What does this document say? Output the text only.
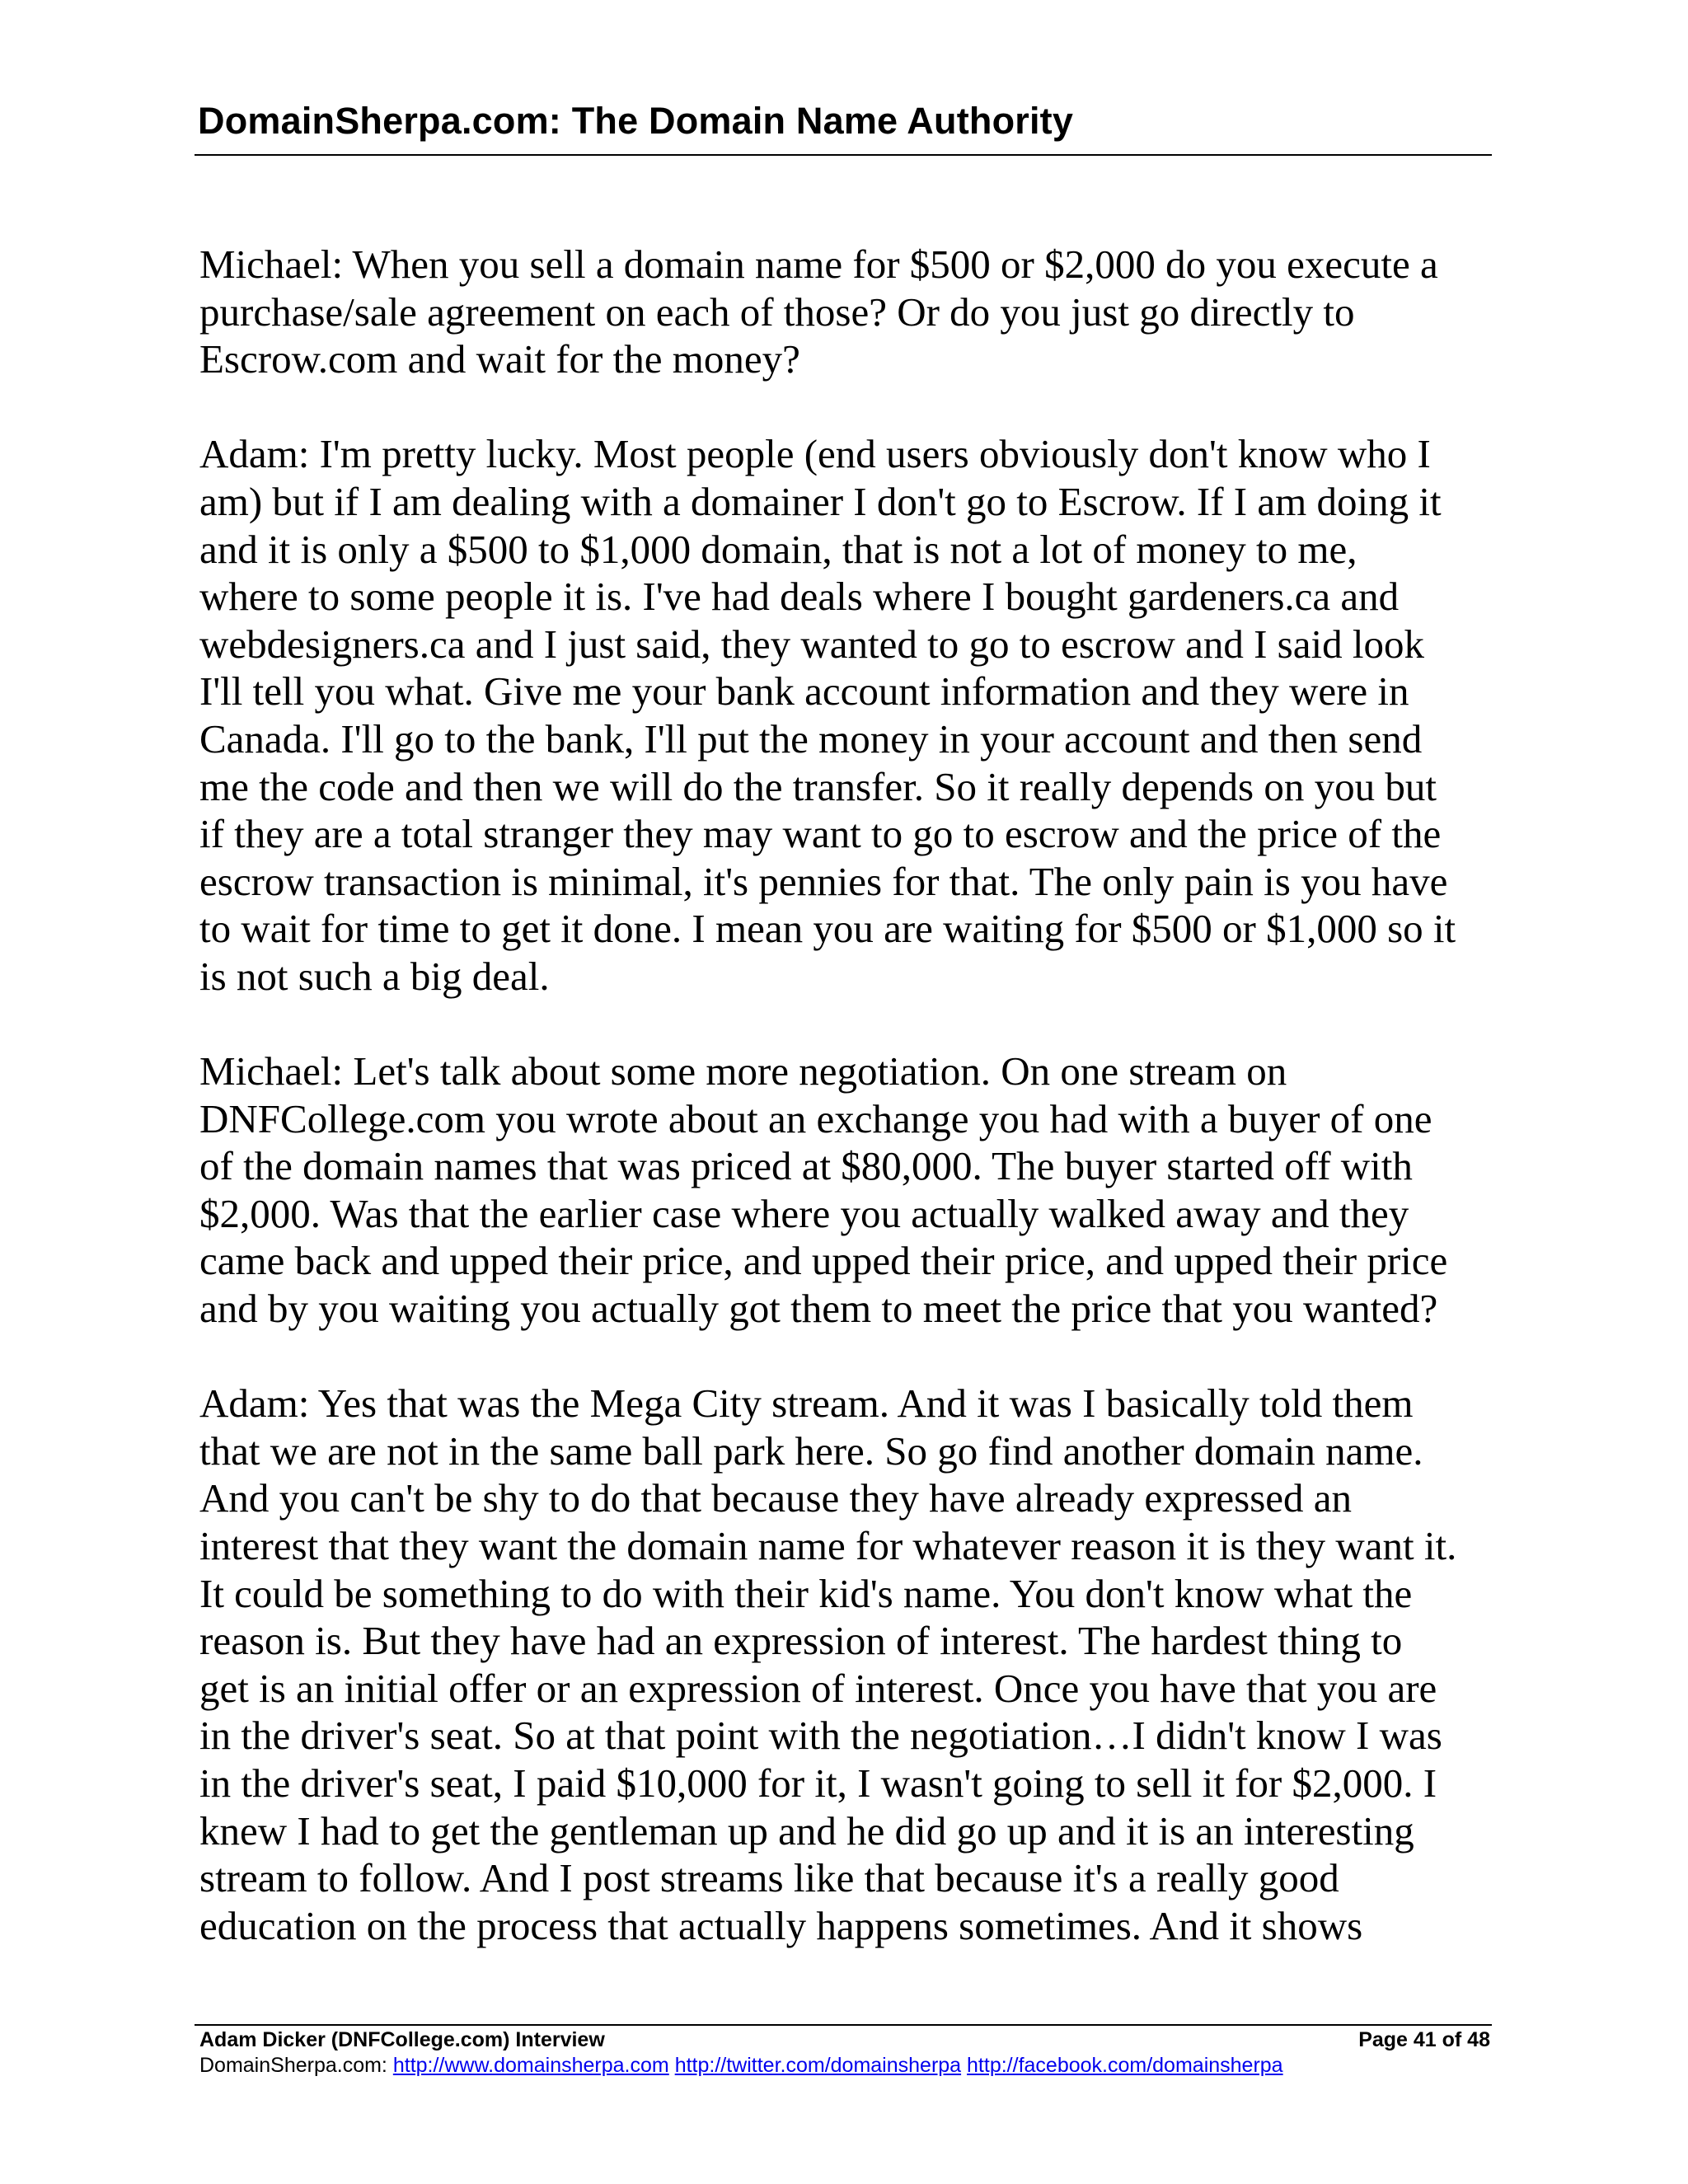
DomainSherpa.com: The Domain Name Authority

Michael: When you sell a domain name for $500 or $2,000 do you execute a
purchase/sale agreement on each of those? Or do you just go directly to
Escrow.com and wait for the money?

Adam: I'm pretty lucky. Most people (end users obviously don't know who I
am) but if I am dealing with a domainer I don't go to Escrow. If I am doing it
and it is only a $500 to $1,000 domain, that is not a lot of money to me,
where to some people it is. I've had deals where I bought gardeners.ca and
webdesigners.ca and I just said, they wanted to go to escrow and I said look
I'll tell you what. Give me your bank account information and they were in
Canada. I'll go to the bank, I'll put the money in your account and then send
me the code and then we will do the transfer. So it really depends on you but
if they are a total stranger they may want to go to escrow and the price of the
escrow transaction is minimal, it's pennies for that. The only pain is you have
to wait for time to get it done. I mean you are waiting for $500 or $1,000 so it
is not such a big deal.

Michael: Let's talk about some more negotiation. On one stream on
DNFCollege.com you wrote about an exchange you had with a buyer of one
of the domain names that was priced at $80,000. The buyer started off with
$2,000. Was that the earlier case where you actually walked away and they
came back and upped their price, and upped their price, and upped their price
and by you waiting you actually got them to meet the price that you wanted?

Adam: Yes that was the Mega City stream. And it was I basically told them
that we are not in the same ball park here. So go find another domain name.
And you can't be shy to do that because they have already expressed an
interest that they want the domain name for whatever reason it is they want it.
It could be something to do with their kid's name. You don't know what the
reason is. But they have had an expression of interest. The hardest thing to
get is an initial offer or an expression of interest. Once you have that you are
in the driver's seat. So at that point with the negotiation…I didn't know I was
in the driver's seat, I paid $10,000 for it, I wasn't going to sell it for $2,000. I
knew I had to get the gentleman up and he did go up and it is an interesting
stream to follow. And I post streams like that because it's a really good
education on the process that actually happens sometimes. And it shows

Adam Dicker (DNFCollege.com) Interview	Page 41 of 48
DomainSherpa.com: http://www.domainsherpa.com http://twitter.com/domainsherpa http://facebook.com/domainsherpa
